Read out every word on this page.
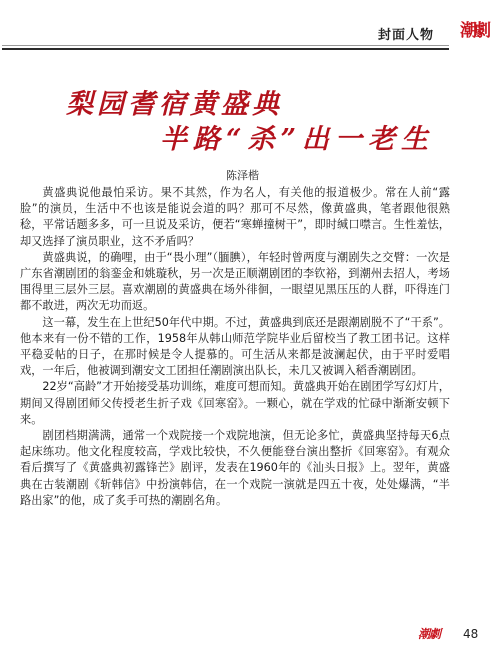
潮劇
封面人物
梨园耆宿黄盛典
半路“杀”出一老生
陈泽楷

黄盛典说他最怕采访。果不其然，作为名人，有关他的报道极少。常在人前“露脸”的演员，生活中不也该是能说会道的吗？那可不尽然，像黄盛典，笔者跟他很熟稔，平常话题多多，可一旦说及采访，便若“寒蝉撞树干”，即时缄口噤言。生性羞怯，却又选择了演员职业，这不矛盾吗？

黄盛典说，的确哩，由于“畏小理”（腼腆），年轻时曾两度与潮剧失之交臂：一次是广东省潮剧团的翁銮金和姚璇秋，另一次是正顺潮剧团的李钦裕，到潮州去招人，考场围得里三层外三层。喜欢潮剧的黄盛典在场外徘徊，一眼望见黑压压的人群，吓得连门都不敢进，两次无功而返。

这一幕，发生在上世纪50年代中期。不过，黄盛典到底还是跟潮剧脱不了“干系”。他本来有一份不错的工作，1958年从韩山师范学院毕业后留校当了教工团书记。这样平稳妥帖的日子，在那时候是令人提慕的。可生活从来都是波澜起伏，由于平时爱唱戏，一年后，他被调到潮安文工团担任潮剧演出队长，未几又被调入稻香潮剧团。

22岁“高龄”才开始接受基功训练，难度可想而知。黄盛典开始在剧团学写幻灯片，期间又得剧团师父传授老生折子戏《回寒窑》。一颗心，就在学戏的忙碌中渐渐安顿下来。

剧团档期满满，通常一个戏院接一个戏院地演，但无论多忙，黄盛典坚持每天6点起床练功。他文化程度较高，学戏比较快，不久便能登台演出整折《回寒窑》。有观众看后撰写了《黄盛典初露锋芒》剧评，发表在1960年的《汕头日报》上。翌年，黄盛典在古装潮剧《斩韩信》中扮演韩信，在一个戏院一演就是四五十夜，处处爆满，“半路出家”的他，成了炙手可热的潮剧名角。

潮劇	48
